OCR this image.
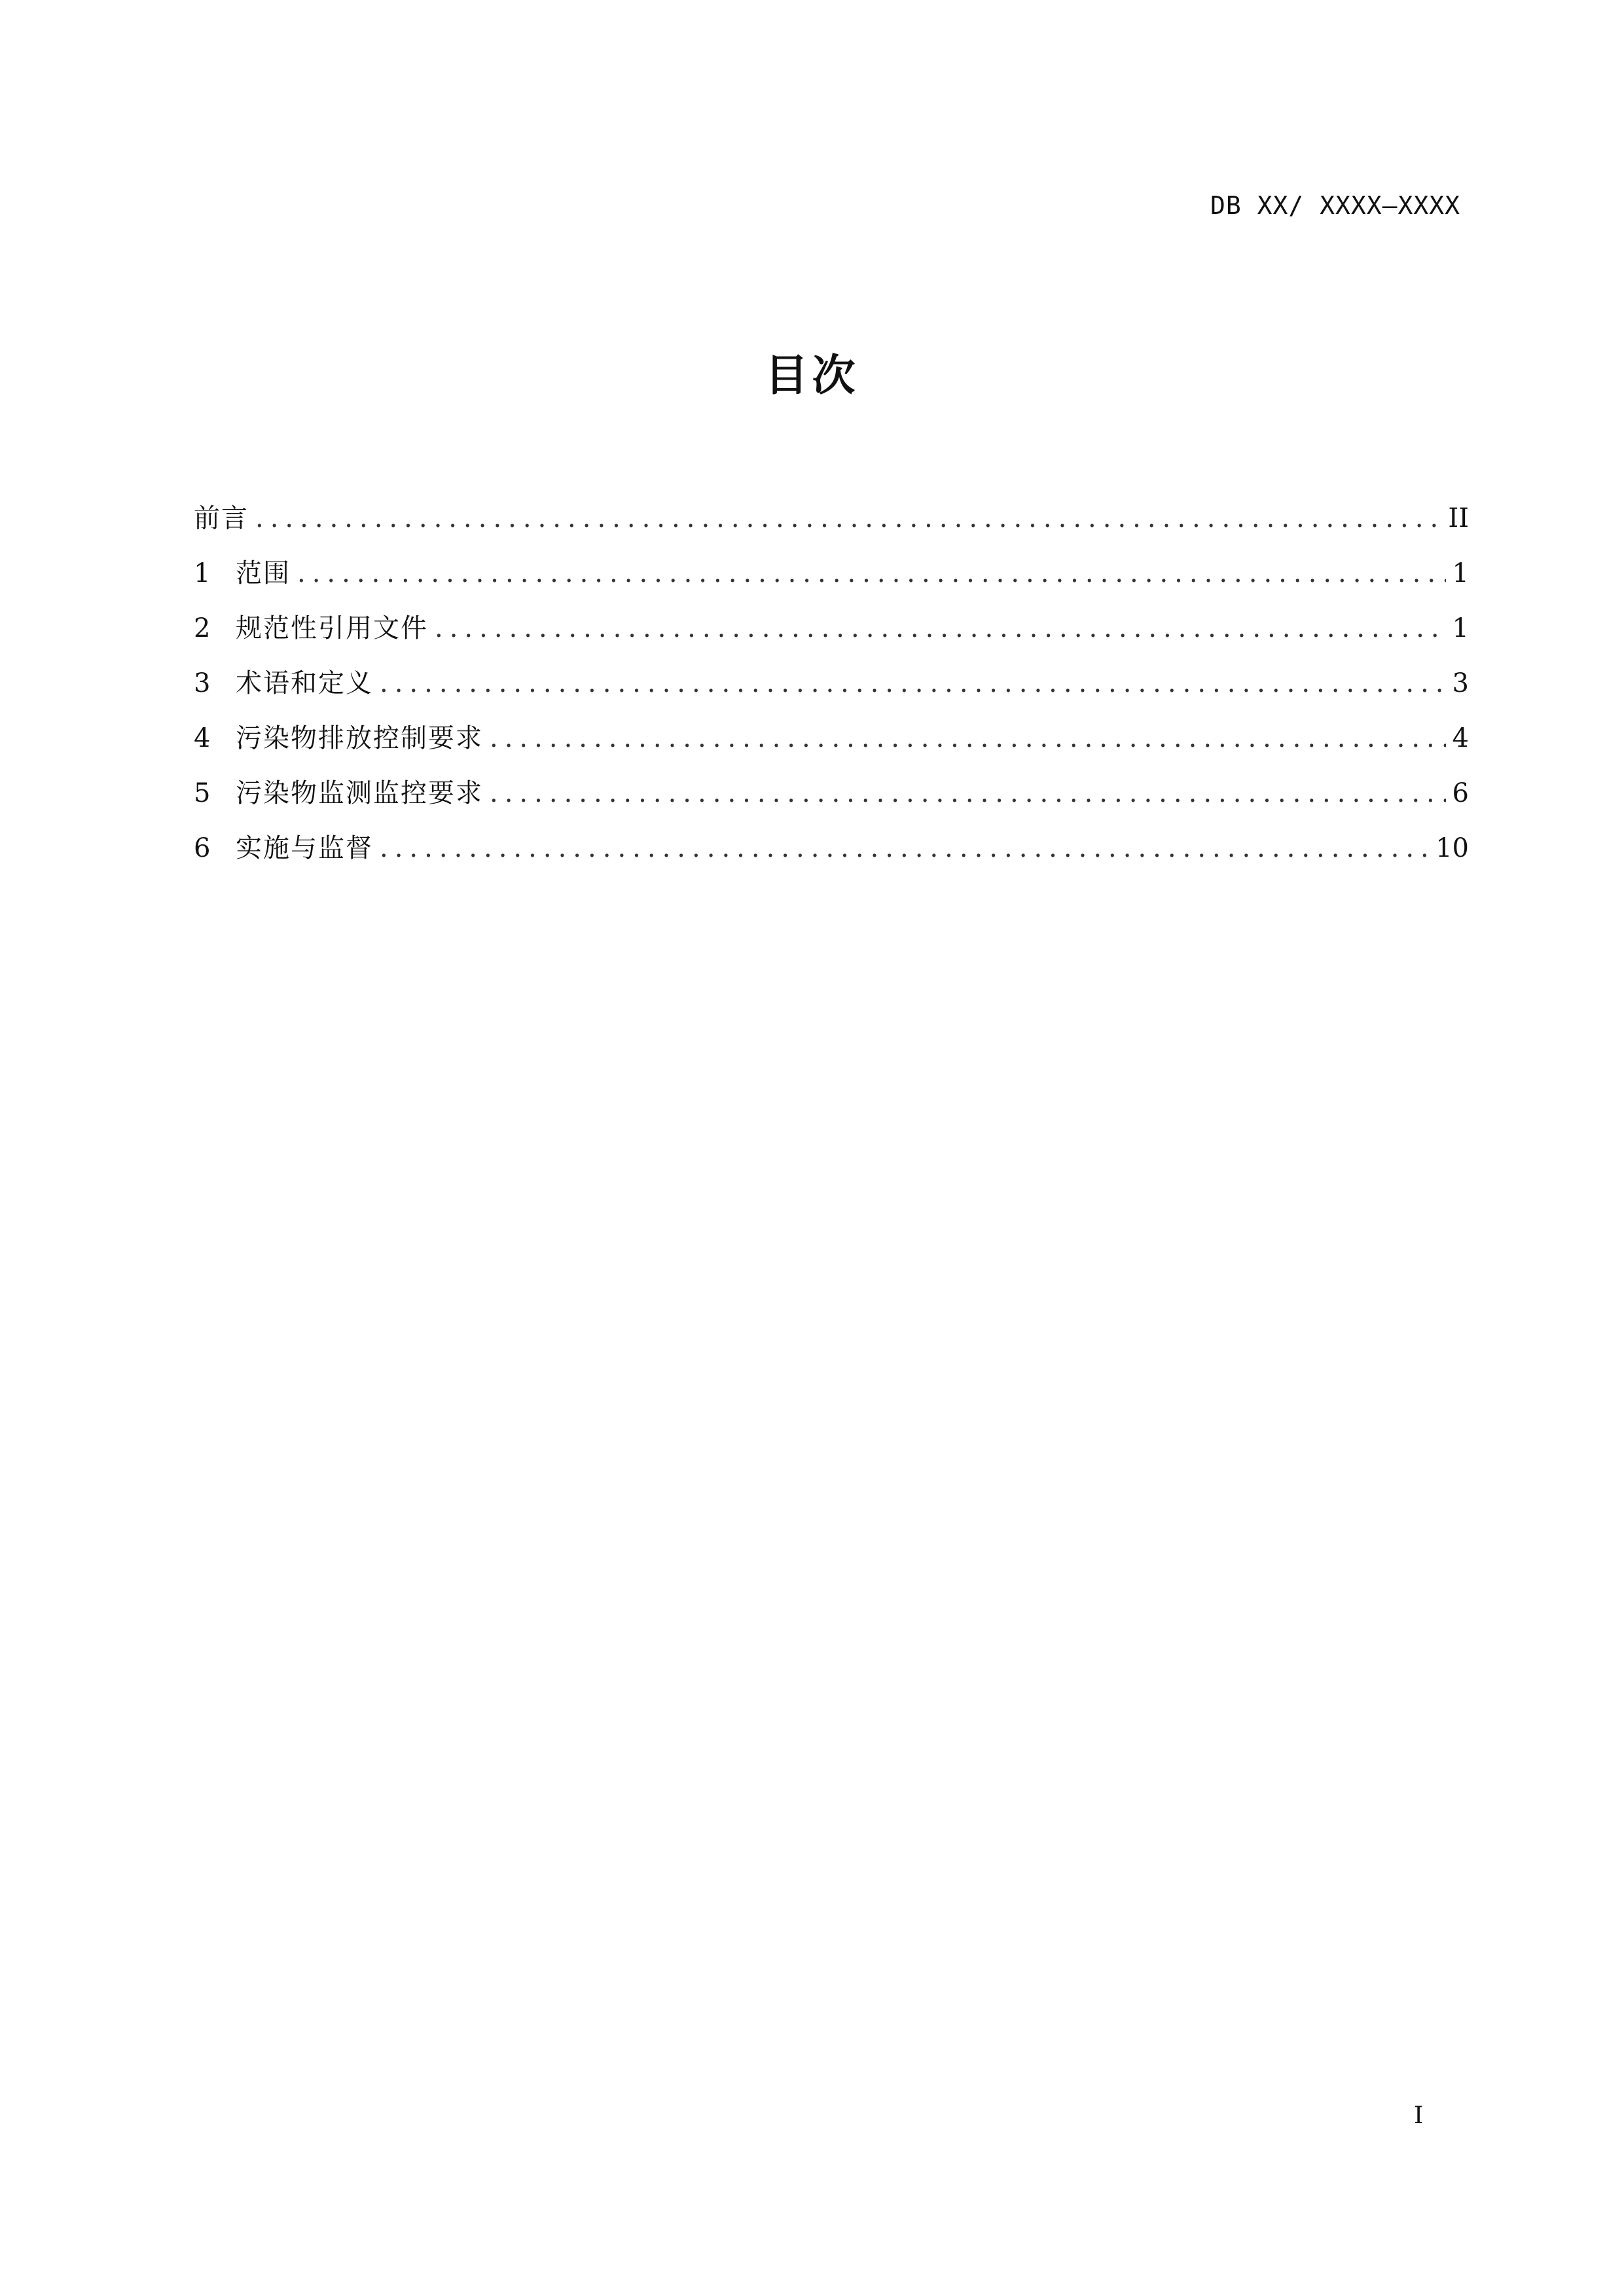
DB XX/ XXXX—XXXX
目次
前言 .....	II
1 范围 .....	1
2 规范性引用文件 .....	1
3 术语和定义 .....	3
4 污染物排放控制要求 .....	4
5 污染物监测监控要求 .....	6
6 实施与监督 .....	10
I
